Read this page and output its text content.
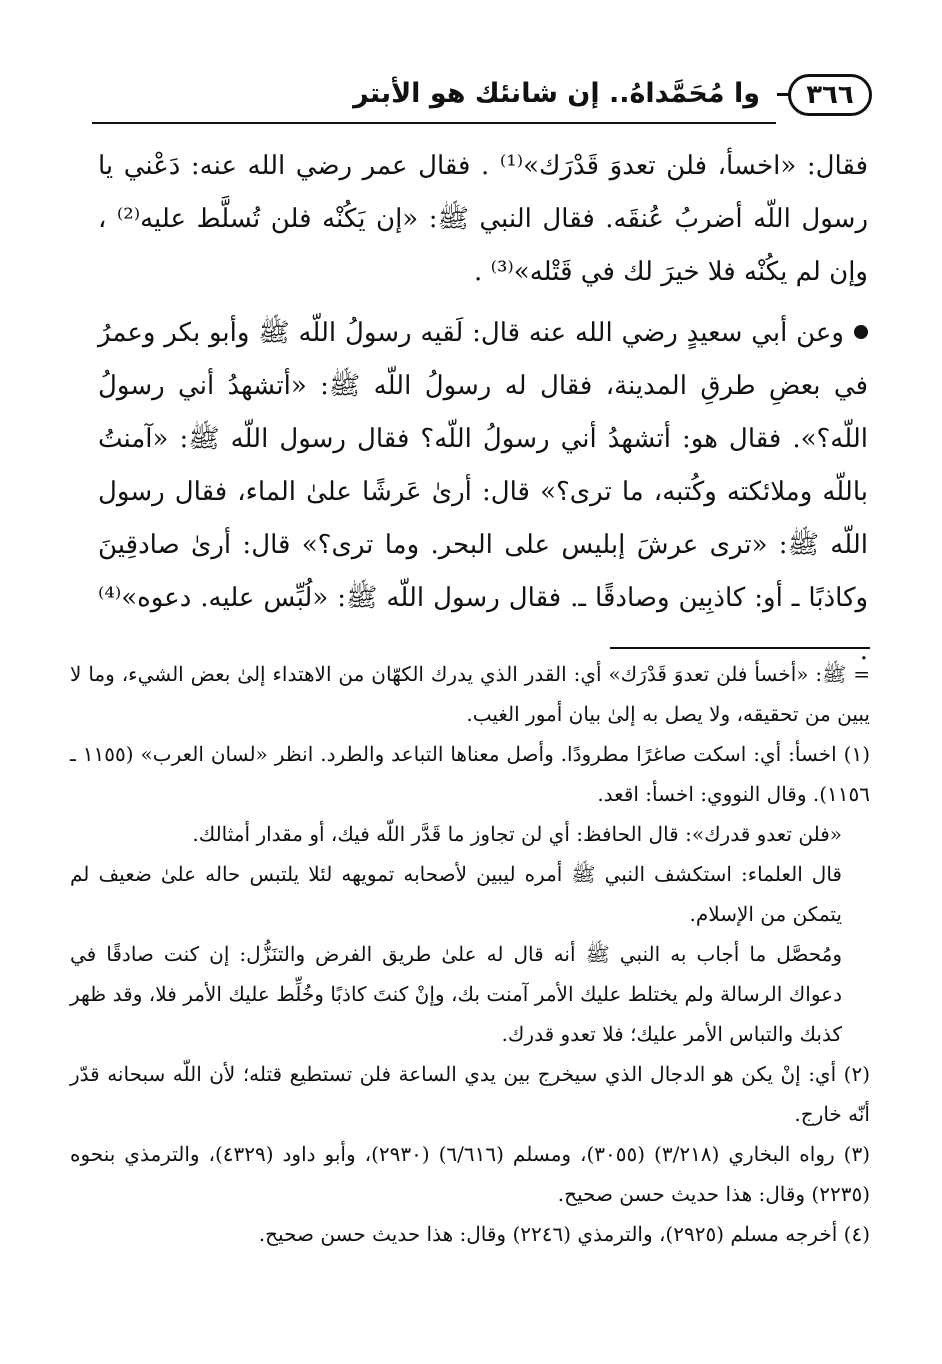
٣٦٦
وا مُحَمَّداهُ.. إن شانئك هو الأبتر

فقال: «اخسأ، فلن تعدوَ قَدْرَك»⁽¹⁾ . فقال عمر رضي الله عنه: دَعْني يا رسول اللّه أضربُ عُنقَه. فقال النبي ﷺ: «إن يَكُنْه فلن تُسلَّط عليه⁽²⁾ ، وإن لم يكُنْه فلا خيرَ لك في قَتْله»⁽³⁾ .

وعن أبي سعيدٍ رضي الله عنه قال: لَقيه رسولُ اللّه ﷺ وأبو بكر وعمرُ في بعضِ طرقِ المدينة، فقال له رسولُ اللّه ﷺ: «أتشهدُ أني رسولُ اللّه؟». فقال هو: أتشهدُ أني رسولُ اللّه؟ فقال رسول اللّه ﷺ: «آمنتُ باللّه وملائكته وكُتبه، ما ترى؟» قال: أرىٰ عَرشًا علىٰ الماء، فقال رسول اللّه ﷺ: «ترى عرشَ إبليس على البحر. وما ترى؟» قال: أرىٰ صادقِينَ وكاذبًا ـ أو: كاذبِين وصادقًا ـ. فقال رسول اللّه ﷺ: «لُبِّس عليه. دعوه»⁽⁴⁾ .

= ﷺ: «أخسأ فلن تعدوَ قَدْرَك» أي: القدر الذي يدرك الكهّان من الاهتداء إلىٰ بعض الشيء، وما لا يبين من تحقيقه، ولا يصل به إلىٰ بيان أمور الغيب.

(١) اخسأ: أي: اسكت صاغرًا مطرودًا. وأصل معناها التباعد والطرد. انظر «لسان العرب» (١١٥٥ ـ ١١٥٦). وقال النووي: اخسأ: اقعد.

«فلن تعدو قدرك»: قال الحافظ: أي لن تجاوز ما قَدَّر اللّه فيك، أو مقدار أمثالك.

قال العلماء: استكشف النبي ﷺ أمره ليبين لأصحابه تمويهه لئلا يلتبس حاله علىٰ ضعيف لم يتمكن من الإسلام.

ومُحصَّل ما أجاب به النبي ﷺ أنه قال له علىٰ طريق الفرض والتنَزُّل: إن كنت صادقًا في دعواك الرسالة ولم يختلط عليك الأمر آمنت بك، وإنْ كنتَ كاذبًا وخُلِّط عليك الأمر فلا، وقد ظهر كذبك والتباس الأمر عليك؛ فلا تعدو قدرك.

(٢) أي: إنْ يكن هو الدجال الذي سيخرج بين يدي الساعة فلن تستطيع قتله؛ لأن اللّه سبحانه قدّر أنّه خارج.

(٣) رواه البخاري (٣/٢١٨) (٣٠٥٥)، ومسلم (٦/٦١٦) (٢٩٣٠)، وأبو داود (٤٣٢٩)، والترمذي بنحوه (٢٢٣٥) وقال: هذا حديث حسن صحيح.

(٤) أخرجه مسلم (٢٩٢٥)، والترمذي (٢٢٤٦) وقال: هذا حديث حسن صحيح.
